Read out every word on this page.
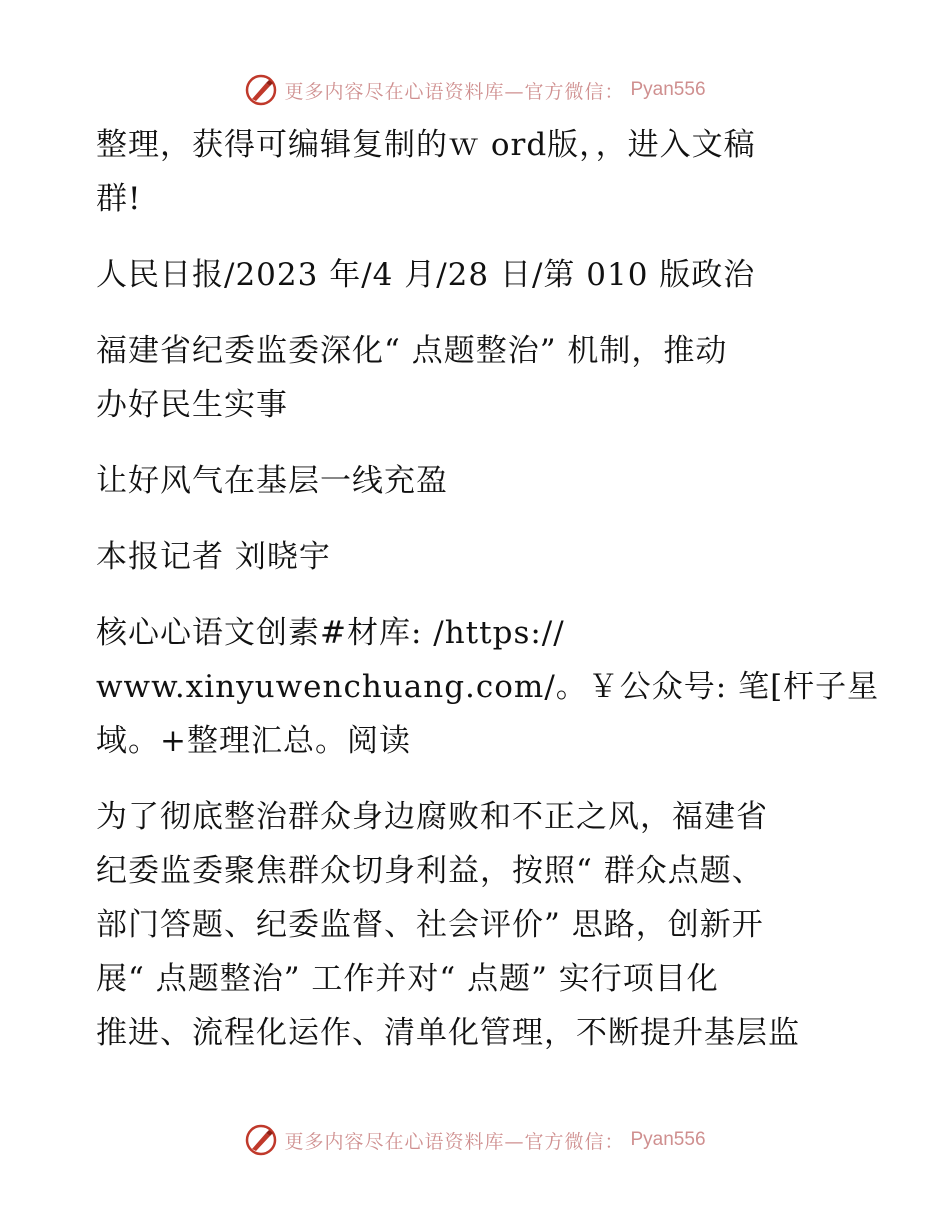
更多内容尽在心语资料库—官方微信： Pyan556
整理，获得可编辑复制的ｗ ord版，，进入文稿
群!
人民日报/2023 年/4 月/28 日/第 010 版政治
福建省纪委监委深化“ 点题整治” 机制，推动
办好民生实事
让好风气在基层一线充盈
本报记者 刘晓宇
核心心语文创素#材库: /https://
www.xinyuwenchuang.com/。￥公众号: 笔[杆子星
域。+整理汇总。阅读
为了彻底整治群众身边腐败和不正之风，福建省
纪委监委聚焦群众切身利益，按照“ 群众点题、
部门答题、纪委监督、社会评价” 思路，创新开
展“ 点题整治” 工作并对“ 点题” 实行项目化
推进、流程化运作、清单化管理，不断提升基层监
更多内容尽在心语资料库—官方微信： Pyan556
